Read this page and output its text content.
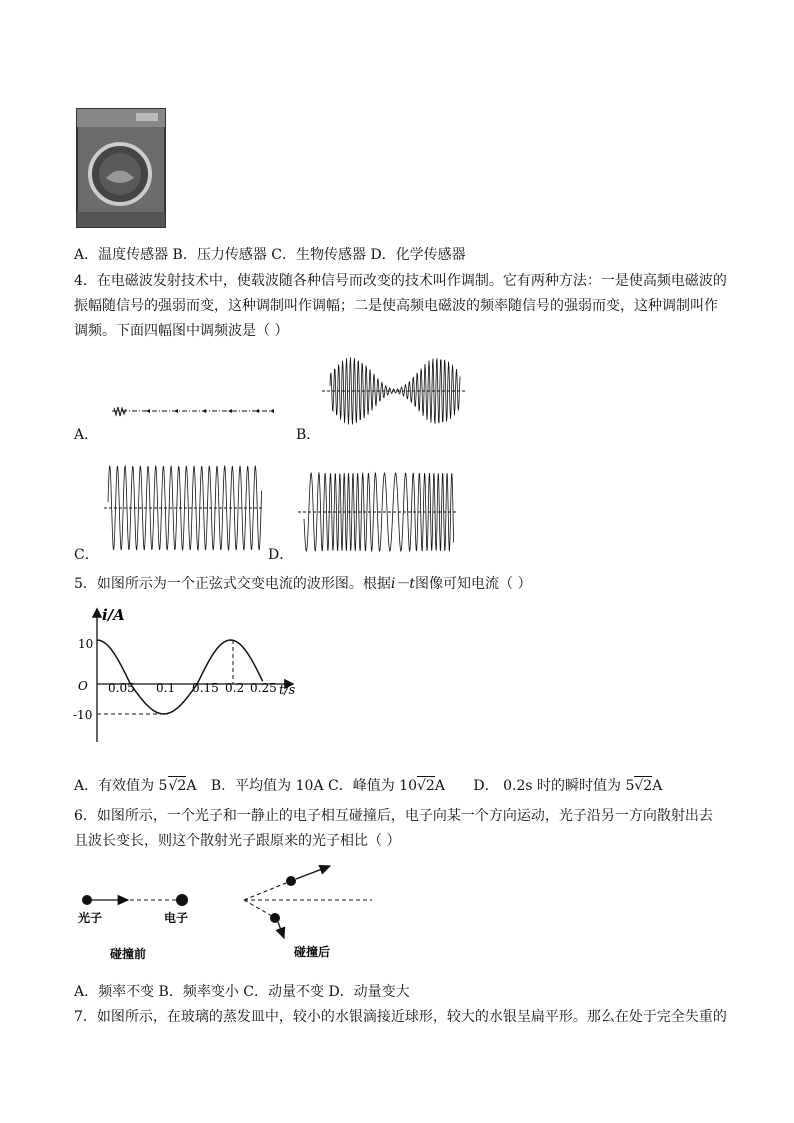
A．温度传感器 B．压力传感器 C．生物传感器 D．化学传感器
4．在电磁波发射技术中，使载波随各种信号而改变的技术叫作调制。它有两种方法：一是使高频电磁波的
振幅随信号的强弱而变，这种调制叫作调幅；二是使高频电磁波的频率随信号的强弱而变，这种调制叫作
调频。下面四幅图中调频波是（ ）
A．	B．
C．	D．
5．如图所示为一个正弦式交变电流的波形图。根据i－t图像可知电流（ ）
i/A
t/s
O
10
-10
0.05 0.1 0.15 0.2 0.25
A．有效值为 5√2A B．平均值为 10A C．峰值为 10√2A D． 0.2s 时的瞬时值为 5√2A
6．如图所示，一个光子和一静止的电子相互碰撞后，电子向某一个方向运动，光子沿另一方向散射出去
且波长变长，则这个散射光子跟原来的光子相比（ ）
光子	电子
碰撞前	碰撞后
A．频率不变 B．频率变小 C．动量不变 D．动量变大
7．如图所示，在玻璃的蒸发皿中，较小的水银滴接近球形，较大的水银呈扁平形。那么在处于完全失重的
